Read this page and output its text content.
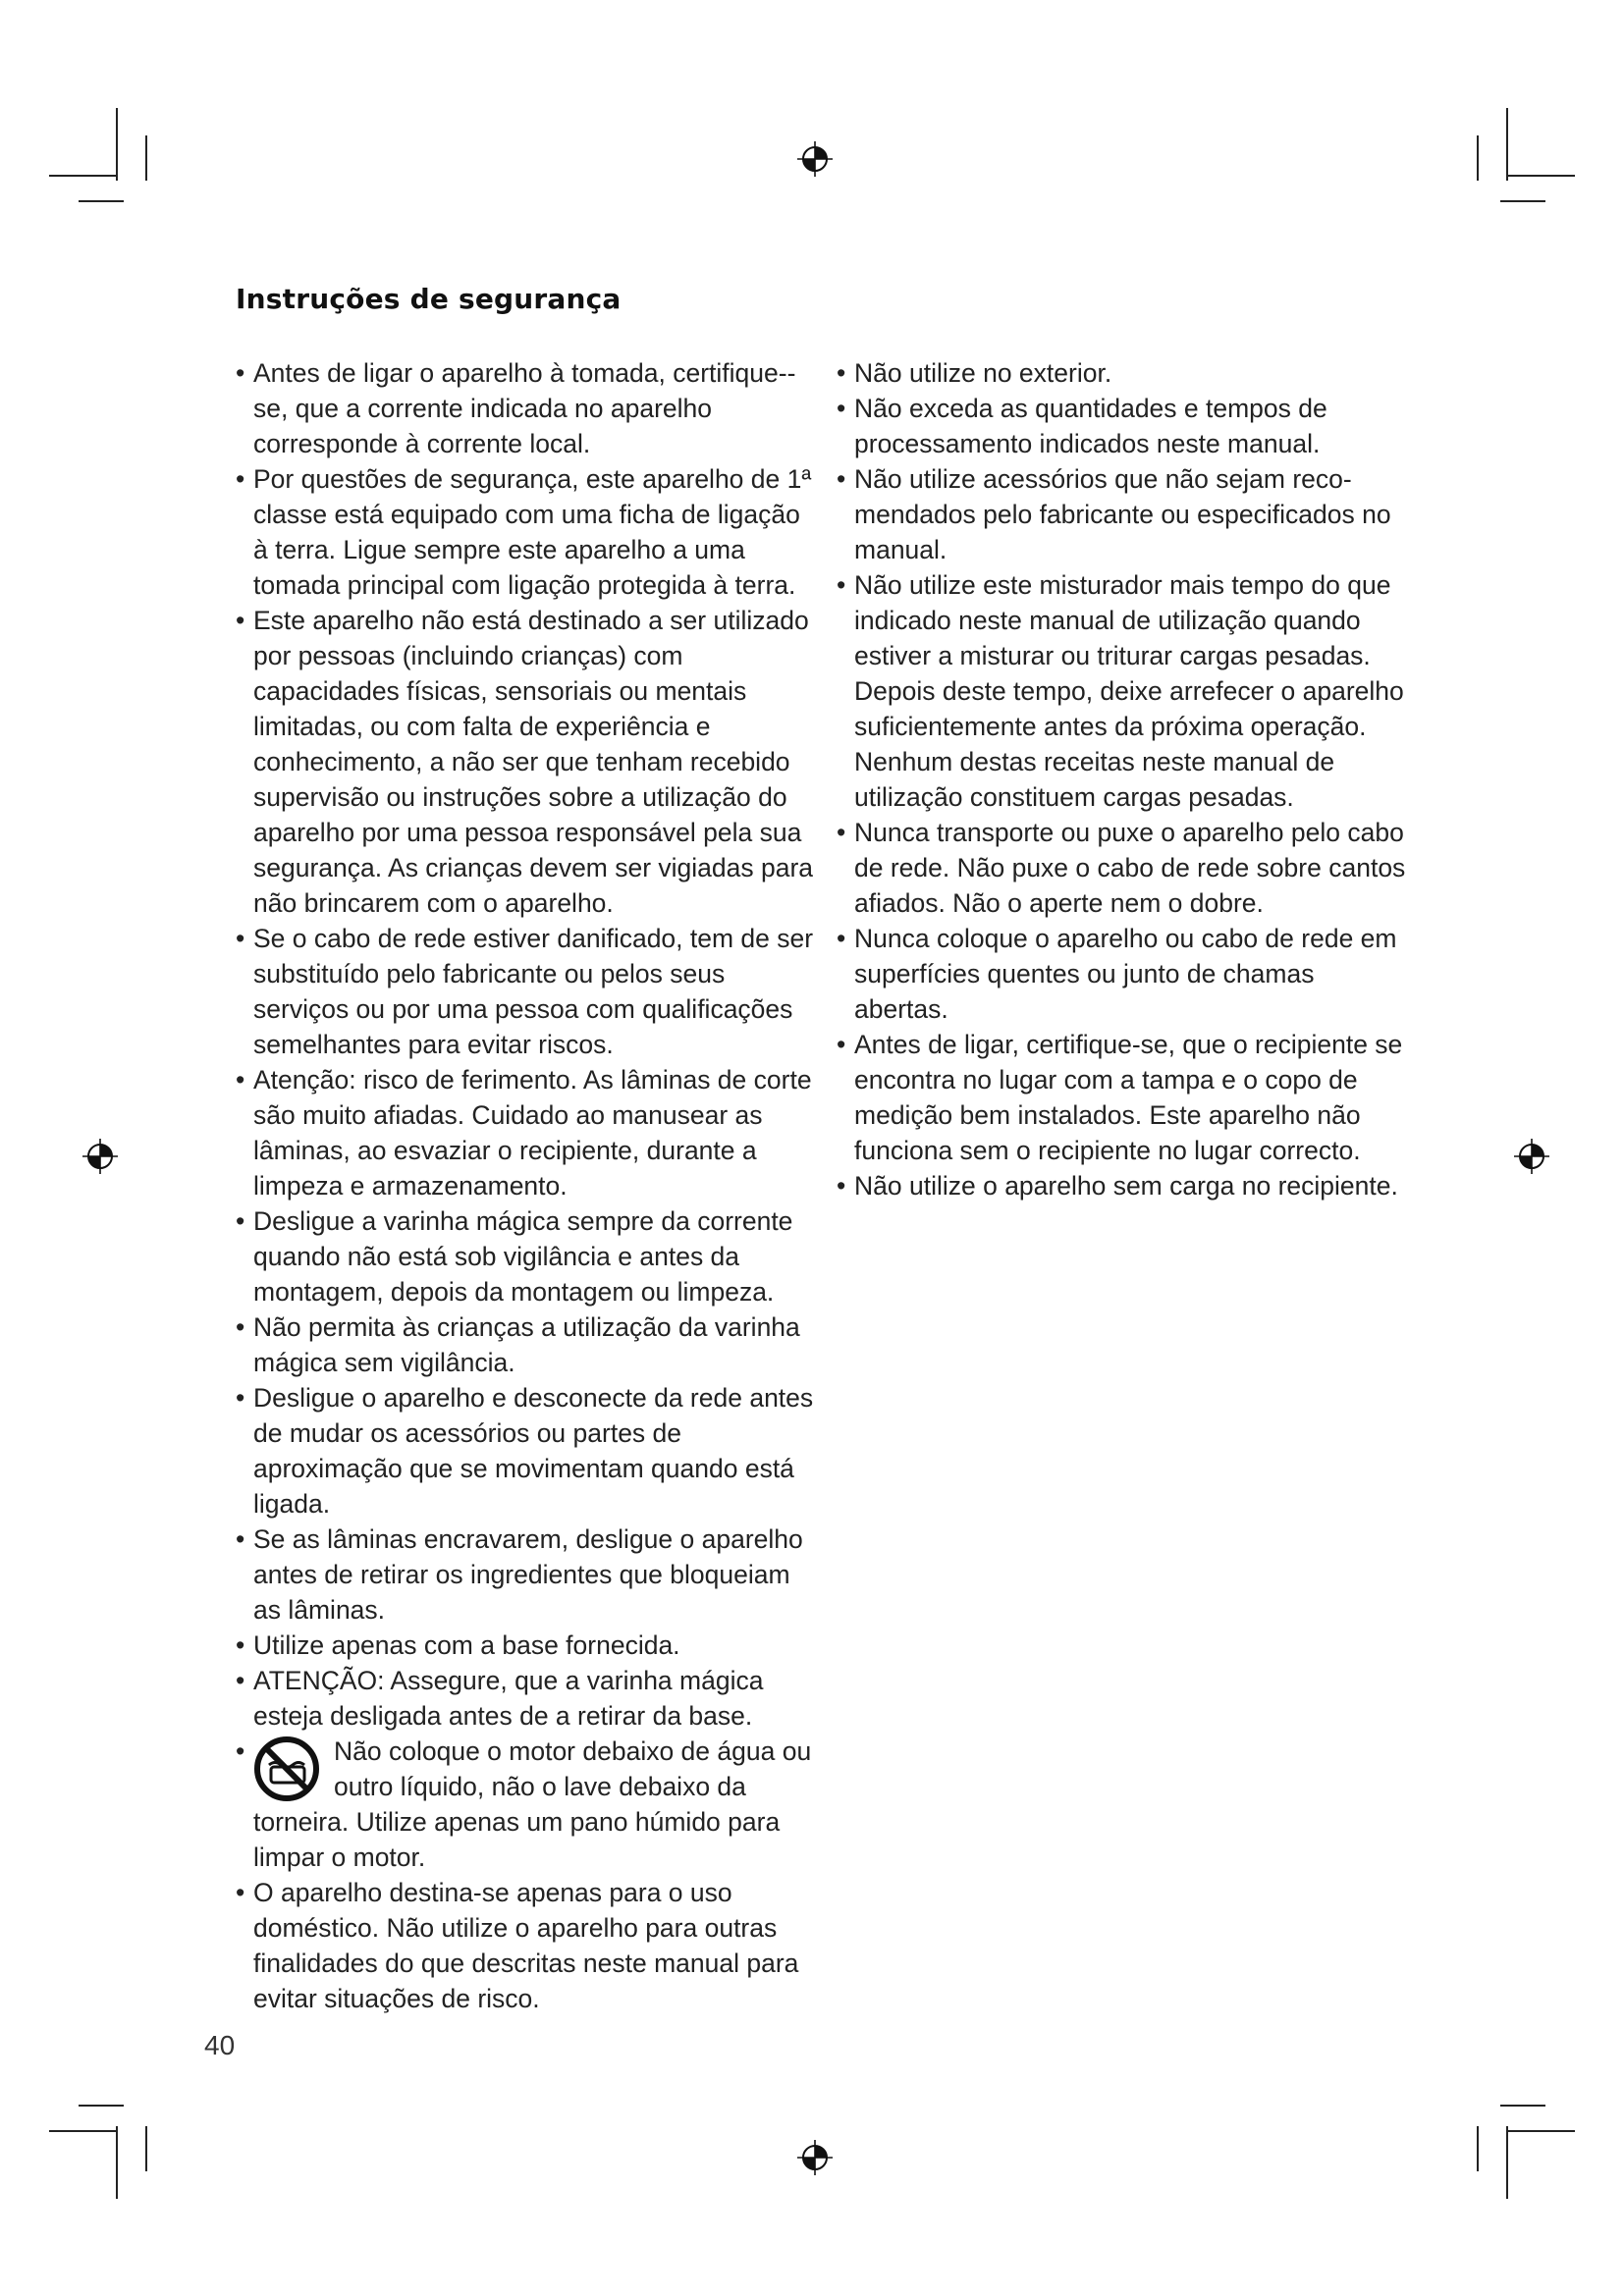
Instruções de segurança
• Antes de ligar o aparelho à tomada, certifique--se, que a corrente indicada no aparelho corresponde à corrente local.
• Por questões de segurança, este aparelho de 1ª classe está equipado com uma ficha de ligação à terra. Ligue sempre este aparelho a uma tomada principal com ligação protegida à terra.
• Este aparelho não está destinado a ser utilizado por pessoas (incluindo crianças) com capacidades físicas, sensoriais ou mentais limitadas, ou com falta de experiência e conhecimento, a não ser que tenham recebido supervisão ou instruções sobre a utilização do aparelho por uma pessoa responsável pela sua segurança. As crianças devem ser vigiadas para não brincarem com o aparelho.
• Se o cabo de rede estiver danificado, tem de ser substituído pelo fabricante ou pelos seus serviços ou por uma pessoa com qualificações semelhantes para evitar riscos.
• Atenção: risco de ferimento. As lâminas de corte são muito afiadas. Cuidado ao manusear as lâminas, ao esvaziar o recipiente, durante a limpeza e armazenamento.
• Desligue a varinha mágica sempre da corrente quando não está sob vigilância e antes da montagem, depois da montagem ou limpeza.
• Não permita às crianças a utilização da varinha mágica sem vigilância.
• Desligue o aparelho e desconecte da rede antes de mudar os acessórios ou partes de aproximação que se movimentam quando está ligada.
• Se as lâminas encravarem, desligue o aparelho antes de retirar os ingredientes que bloqueiam as lâminas.
• Utilize apenas com a base fornecida.
• ATENÇÃO: Assegure, que a varinha mágica esteja desligada antes de a retirar da base.
•	Não coloque o motor debaixo de água ou outro líquido, não o lave debaixo da torneira. Utilize apenas um pano húmido para limpar o motor.
• O aparelho destina-se apenas para o uso doméstico. Não utilize o aparelho para outras finalidades do que descritas neste manual para evitar situações de risco.
• Não utilize no exterior.
• Não exceda as quantidades e tempos de processamento indicados neste manual.
• Não utilize acessórios que não sejam reco-mendados pelo fabricante ou especificados no manual.
• Não utilize este misturador mais tempo do que indicado neste manual de utilização quando estiver a misturar ou triturar cargas pesadas. Depois deste tempo, deixe arrefecer o aparelho suficientemente antes da próxima operação. Nenhum destas receitas neste manual de utilização constituem cargas pesadas.
• Nunca transporte ou puxe o aparelho pelo cabo de rede. Não puxe o cabo de rede sobre cantos afiados. Não o aperte nem o dobre.
• Nunca coloque o aparelho ou cabo de rede em superfícies quentes ou junto de chamas abertas.
• Antes de ligar, certifique-se, que o recipiente se encontra no lugar com a tampa e o copo de medição bem instalados. Este aparelho não funciona sem o recipiente no lugar correcto.
• Não utilize o aparelho sem carga no recipiente.
40
